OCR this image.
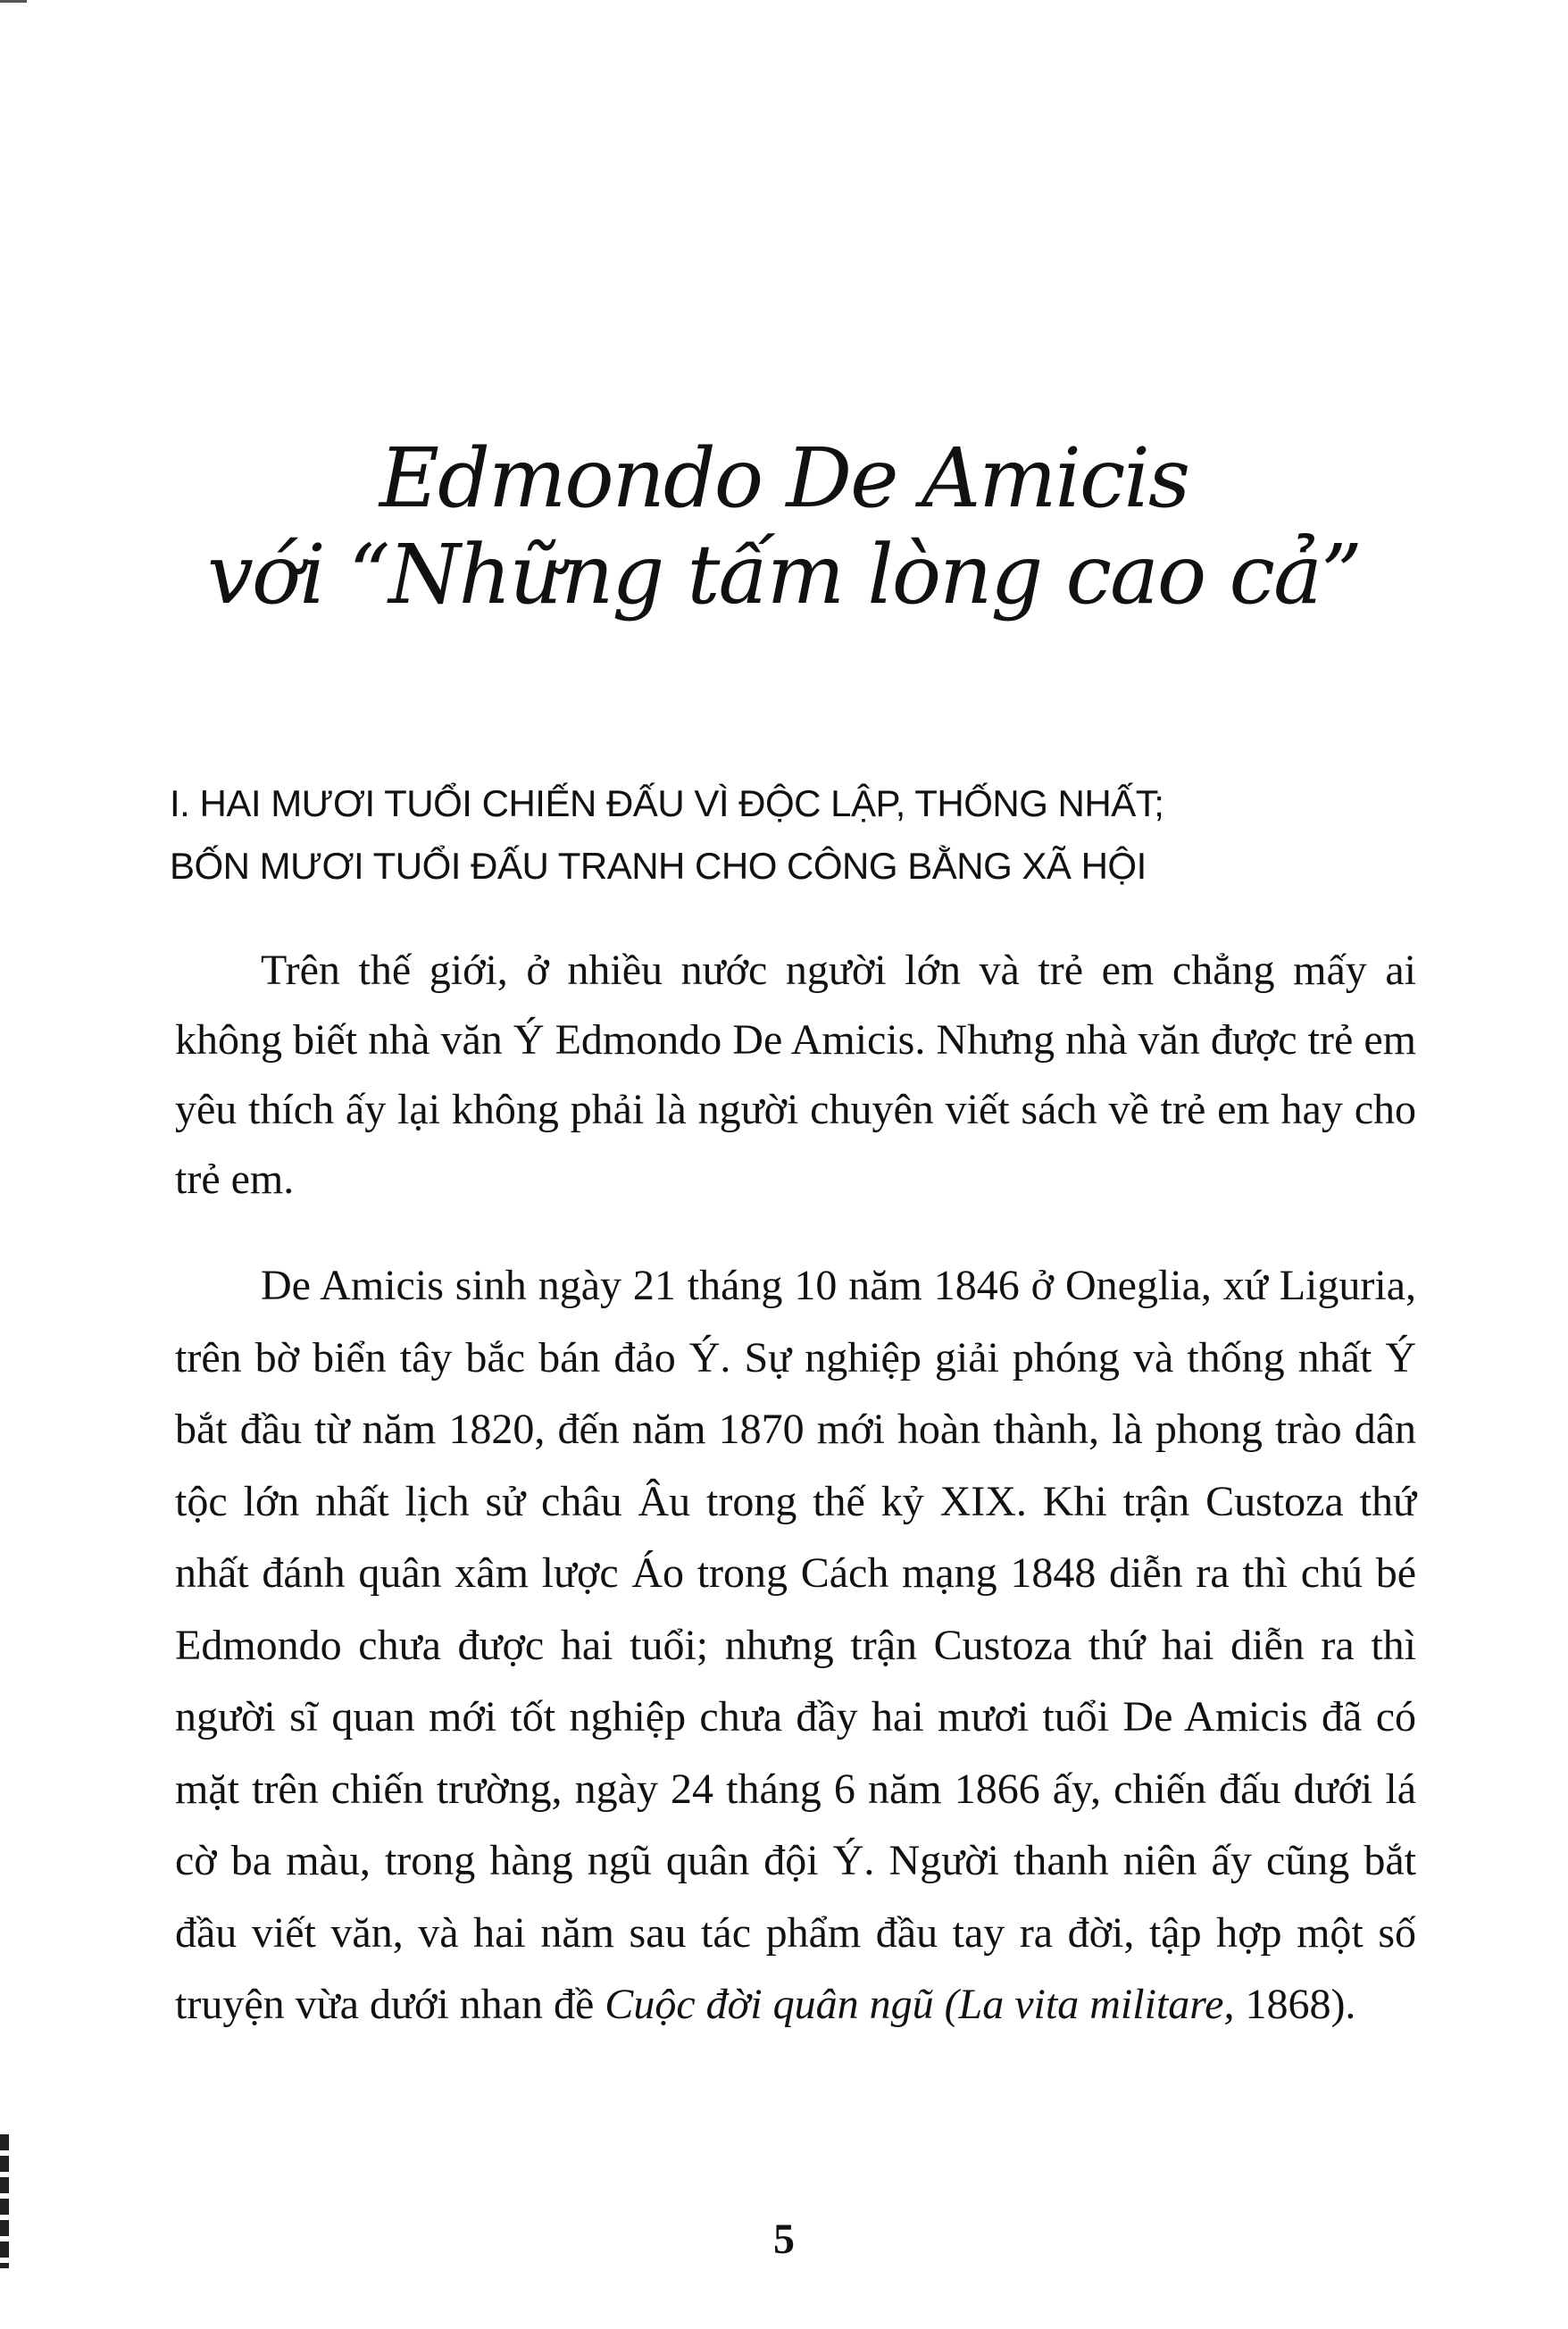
Edmondo De Amicis
với “Những tấm lòng cao cả”
I. HAI MƯƠI TUỔI CHIẾN ĐẤU VÌ ĐỘC LẬP, THỐNG NHẤT;
BỐN MƯƠI TUỔI ĐẤU TRANH CHO CÔNG BẰNG XÃ HỘI

Trên thế giới, ở nhiều nước người lớn và trẻ em chẳng mấy ai không biết nhà văn Ý Edmondo De Amicis. Nhưng nhà văn được trẻ em yêu thích ấy lại không phải là người chuyên viết sách về trẻ em hay cho trẻ em.

De Amicis sinh ngày 21 tháng 10 năm 1846 ở Oneglia, xứ Liguria, trên bờ biển tây bắc bán đảo Ý. Sự nghiệp giải phóng và thống nhất Ý bắt đầu từ năm 1820, đến năm 1870 mới hoàn thành, là phong trào dân tộc lớn nhất lịch sử châu Âu trong thế kỷ XIX. Khi trận Custoza thứ nhất đánh quân xâm lược Áo trong Cách mạng 1848 diễn ra thì chú bé Edmondo chưa được hai tuổi; nhưng trận Custoza thứ hai diễn ra thì người sĩ quan mới tốt nghiệp chưa đầy hai mươi tuổi De Amicis đã có mặt trên chiến trường, ngày 24 tháng 6 năm 1866 ấy, chiến đấu dưới lá cờ ba màu, trong hàng ngũ quân đội Ý. Người thanh niên ấy cũng bắt đầu viết văn, và hai năm sau tác phẩm đầu tay ra đời, tập hợp một số truyện vừa dưới nhan đề Cuộc đời quân ngũ (La vita militare, 1868).

5
